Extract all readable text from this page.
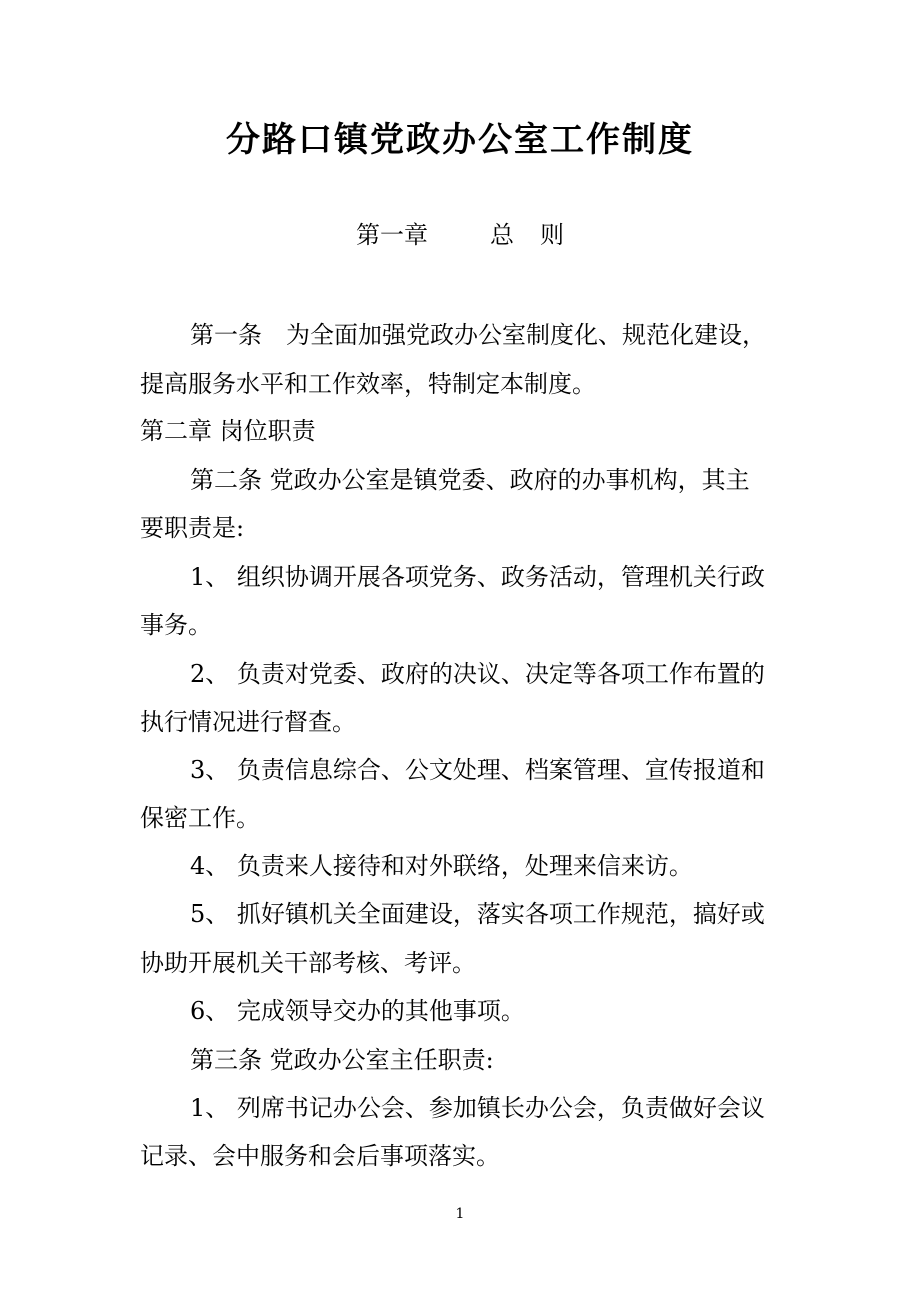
分路口镇党政办公室工作制度
第一章	总 则
第一条　为全面加强党政办公室制度化、规范化建设，
提高服务水平和工作效率，特制定本制度。
第二章 岗位职责
第二条 党政办公室是镇党委、政府的办事机构，其主
要职责是:
1、 组织协调开展各项党务、政务活动，管理机关行政
事务。
2、 负责对党委、政府的决议、决定等各项工作布置的
执行情况进行督查。
3、 负责信息综合、公文处理、档案管理、宣传报道和
保密工作。
4、 负责来人接待和对外联络，处理来信来访。
5、 抓好镇机关全面建设，落实各项工作规范，搞好或
协助开展机关干部考核、考评。
6、 完成领导交办的其他事项。
第三条 党政办公室主任职责:
1、 列席书记办公会、参加镇长办公会，负责做好会议
记录、会中服务和会后事项落实。
1
